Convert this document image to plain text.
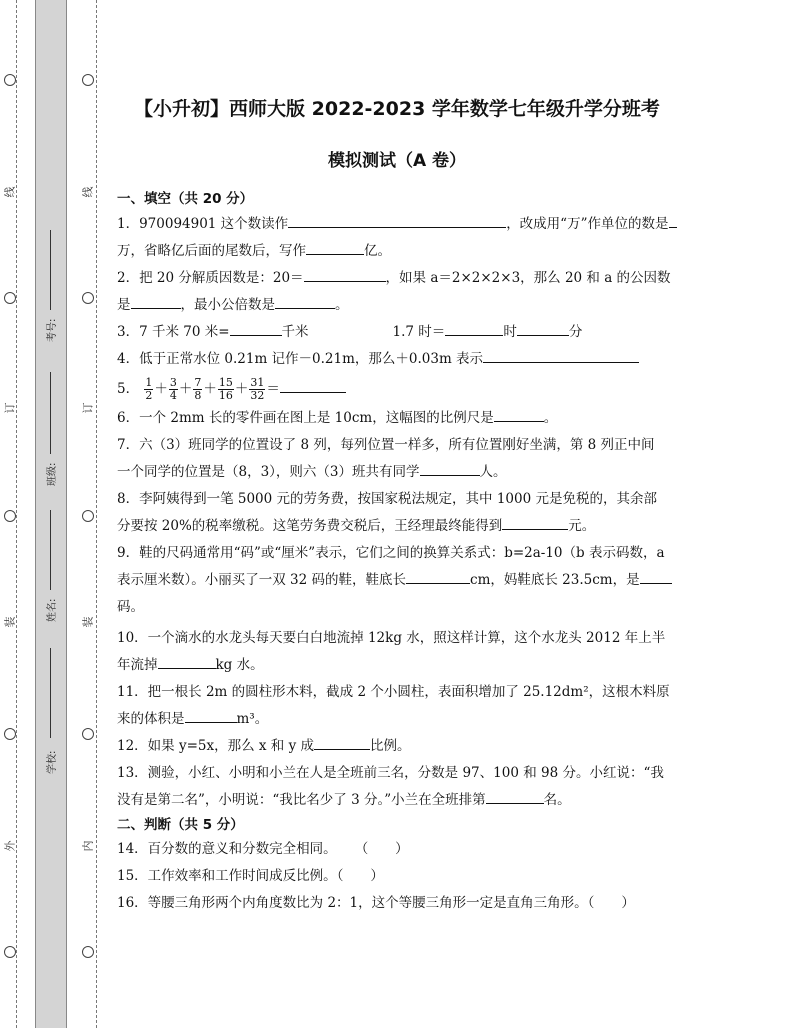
线
订
装
外
线
订
装
内
考号:
班级:
姓名:
学校:
【小升初】西师大版 2022-2023 学年数学七年级升学分班考
模拟测试（A 卷）
一、填空（共 20 分）
1．970094901 这个数读作	，改成用“万”作单位的数是
万，省略亿后面的尾数后，写作	亿。
2．把 20 分解质因数是：20＝	，如果 a＝2×2×2×3，那么 20 和 a 的公因数
是	，最小公倍数是	。
3．7 千米 70 米=	千米	1.7 时＝	时	分
4．低于正常水位 0.21m 记作－0.21m，那么＋0.03m 表示
5． $\frac{1}{2} + \frac{3}{4} + \frac{7}{8} + \frac{15}{16} + \frac{31}{32}$ ＝
6．一个 2mm 长的零件画在图上是 10cm，这幅图的比例尺是	。
7．六（3）班同学的位置设了 8 列，每列位置一样多，所有位置刚好坐满，第 8 列正中间
一个同学的位置是（8，3），则六（3）班共有同学	人。
8．李阿姨得到一笔 5000 元的劳务费，按国家税法规定，其中 1000 元是免税的，其余部
分要按 20%的税率缴税。这笔劳务费交税后，王经理最终能得到	元。
9．鞋的尺码通常用“码”或“厘米”表示，它们之间的换算关系式：b=2a-10（b 表示码数，a
表示厘米数）。小丽买了一双 32 码的鞋，鞋底长	cm，妈鞋底长 23.5cm，是
码。
10．一个滴水的水龙头每天要白白地流掉 12kg 水，照这样计算，这个水龙头 2012 年上半
年流掉	kg 水。
11．把一根长 2m 的圆柱形木料，截成 2 个小圆柱，表面积增加了 25.12dm²，这根木料原
来的体积是	m³。
12．如果 y=5x，那么 x 和 y 成	比例。
13．测验，小红、小明和小兰在人是全班前三名，分数是 97、100 和 98 分。小红说：“我
没有是第二名”，小明说：“我比名少了 3 分。”小兰在全班排第	名。
二、判断（共 5 分）
14．百分数的意义和分数完全相同。 （　　）
15．工作效率和工作时间成反比例。（　　）
16．等腰三角形两个内角度数比为 2：1，这个等腰三角形一定是直角三角形。（　　）
